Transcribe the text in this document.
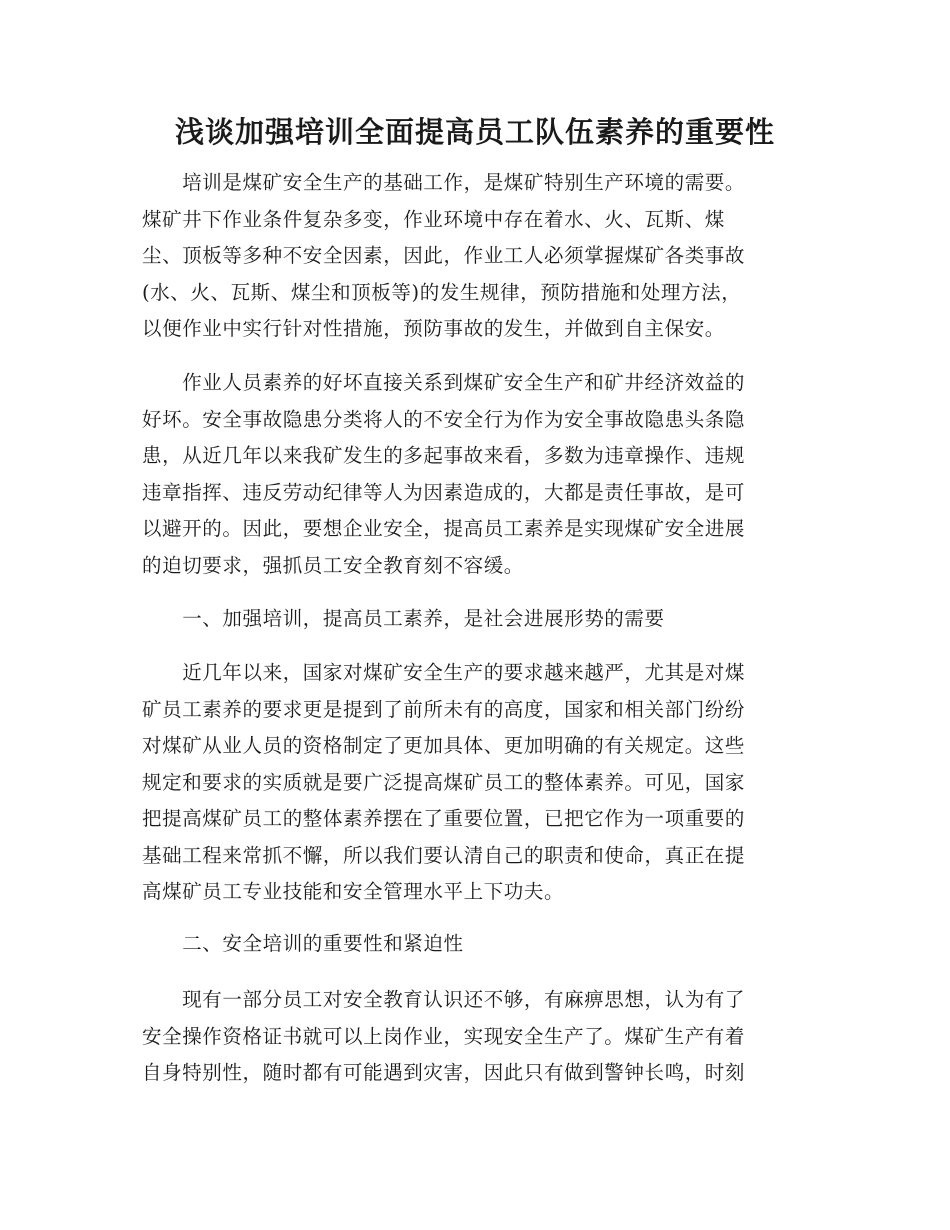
浅谈加强培训全面提高员工队伍素养的重要性

　　培训是煤矿安全生产的基础工作，是煤矿特别生产环境的需要。
煤矿井下作业条件复杂多变，作业环境中存在着水、火、瓦斯、煤
尘、顶板等多种不安全因素，因此，作业工人必须掌握煤矿各类事故
(水、火、瓦斯、煤尘和顶板等)的发生规律，预防措施和处理方法，
以便作业中实行针对性措施，预防事故的发生，并做到自主保安。

　　作业人员素养的好坏直接关系到煤矿安全生产和矿井经济效益的
好坏。安全事故隐患分类将人的不安全行为作为安全事故隐患头条隐
患，从近几年以来我矿发生的多起事故来看，多数为违章操作、违规
违章指挥、违反劳动纪律等人为因素造成的，大都是责任事故，是可
以避开的。因此，要想企业安全，提高员工素养是实现煤矿安全进展
的迫切要求，强抓员工安全教育刻不容缓。

　　一、加强培训，提高员工素养，是社会进展形势的需要

　　近几年以来，国家对煤矿安全生产的要求越来越严，尤其是对煤
矿员工素养的要求更是提到了前所未有的高度，国家和相关部门纷纷
对煤矿从业人员的资格制定了更加具体、更加明确的有关规定。这些
规定和要求的实质就是要广泛提高煤矿员工的整体素养。可见，国家
把提高煤矿员工的整体素养摆在了重要位置，已把它作为一项重要的
基础工程来常抓不懈，所以我们要认清自己的职责和使命，真正在提
高煤矿员工专业技能和安全管理水平上下功夫。

　　二、安全培训的重要性和紧迫性

　　现有一部分员工对安全教育认识还不够，有麻痹思想，认为有了
安全操作资格证书就可以上岗作业，实现安全生产了。煤矿生产有着
自身特别性，随时都有可能遇到灾害，因此只有做到警钟长鸣，时刻
